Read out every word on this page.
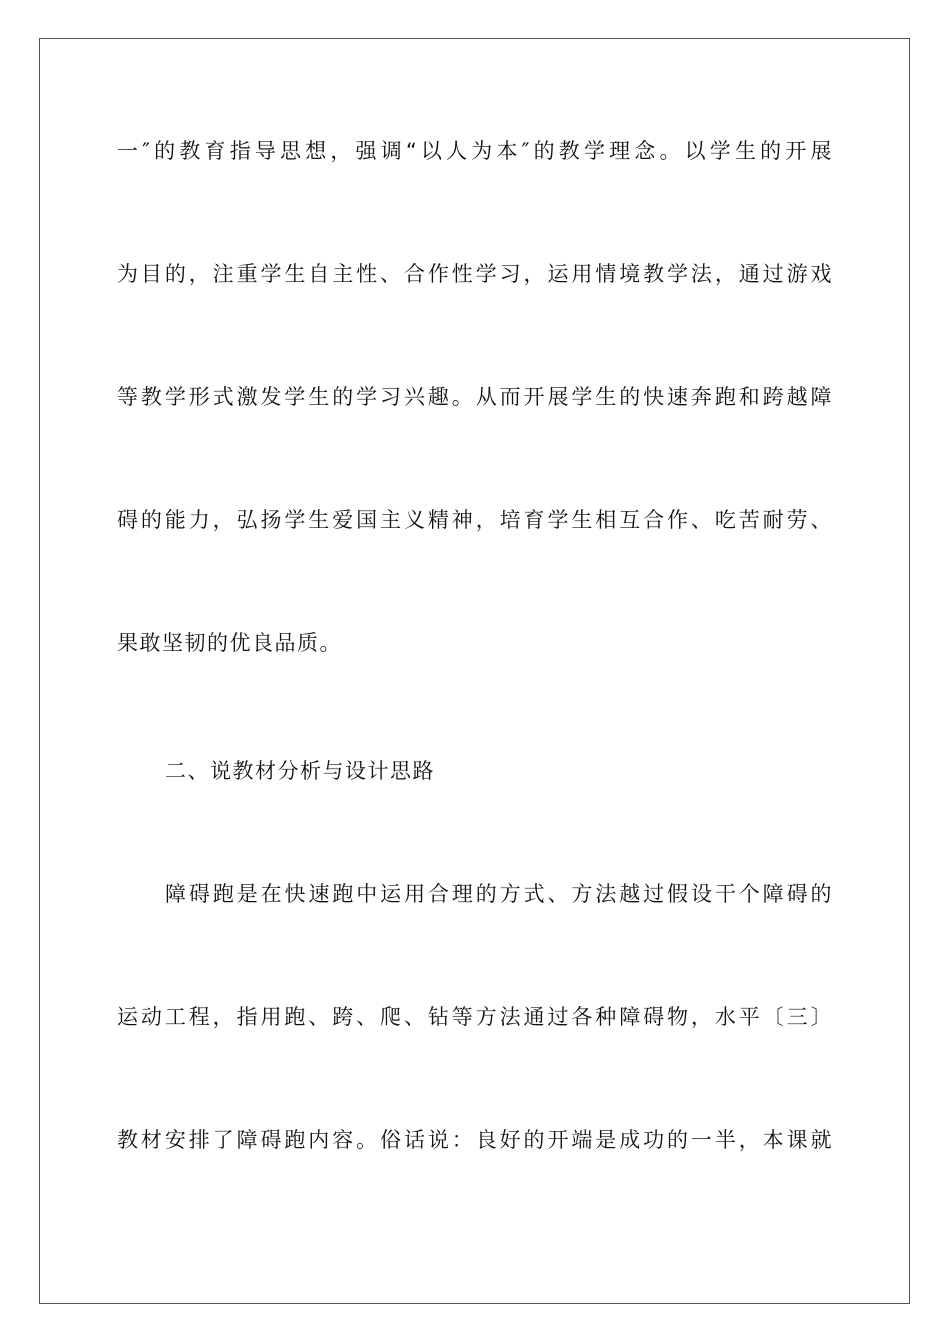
一″的教育指导思想，强调“以人为本″的教学理念。以学生的开展
为目的，注重学生自主性、合作性学习，运用情境教学法，通过游戏
等教学形式激发学生的学习兴趣。从而开展学生的快速奔跑和跨越障
碍的能力，弘扬学生爱国主义精神，培育学生相互合作、吃苦耐劳、
果敢坚韧的优良品质。
二、说教材分析与设计思路
障碍跑是在快速跑中运用合理的方式、方法越过假设干个障碍的
运动工程，指用跑、跨、爬、钻等方法通过各种障碍物，水平〔三〕
教材安排了障碍跑内容。俗话说：良好的开端是成功的一半，本课就
